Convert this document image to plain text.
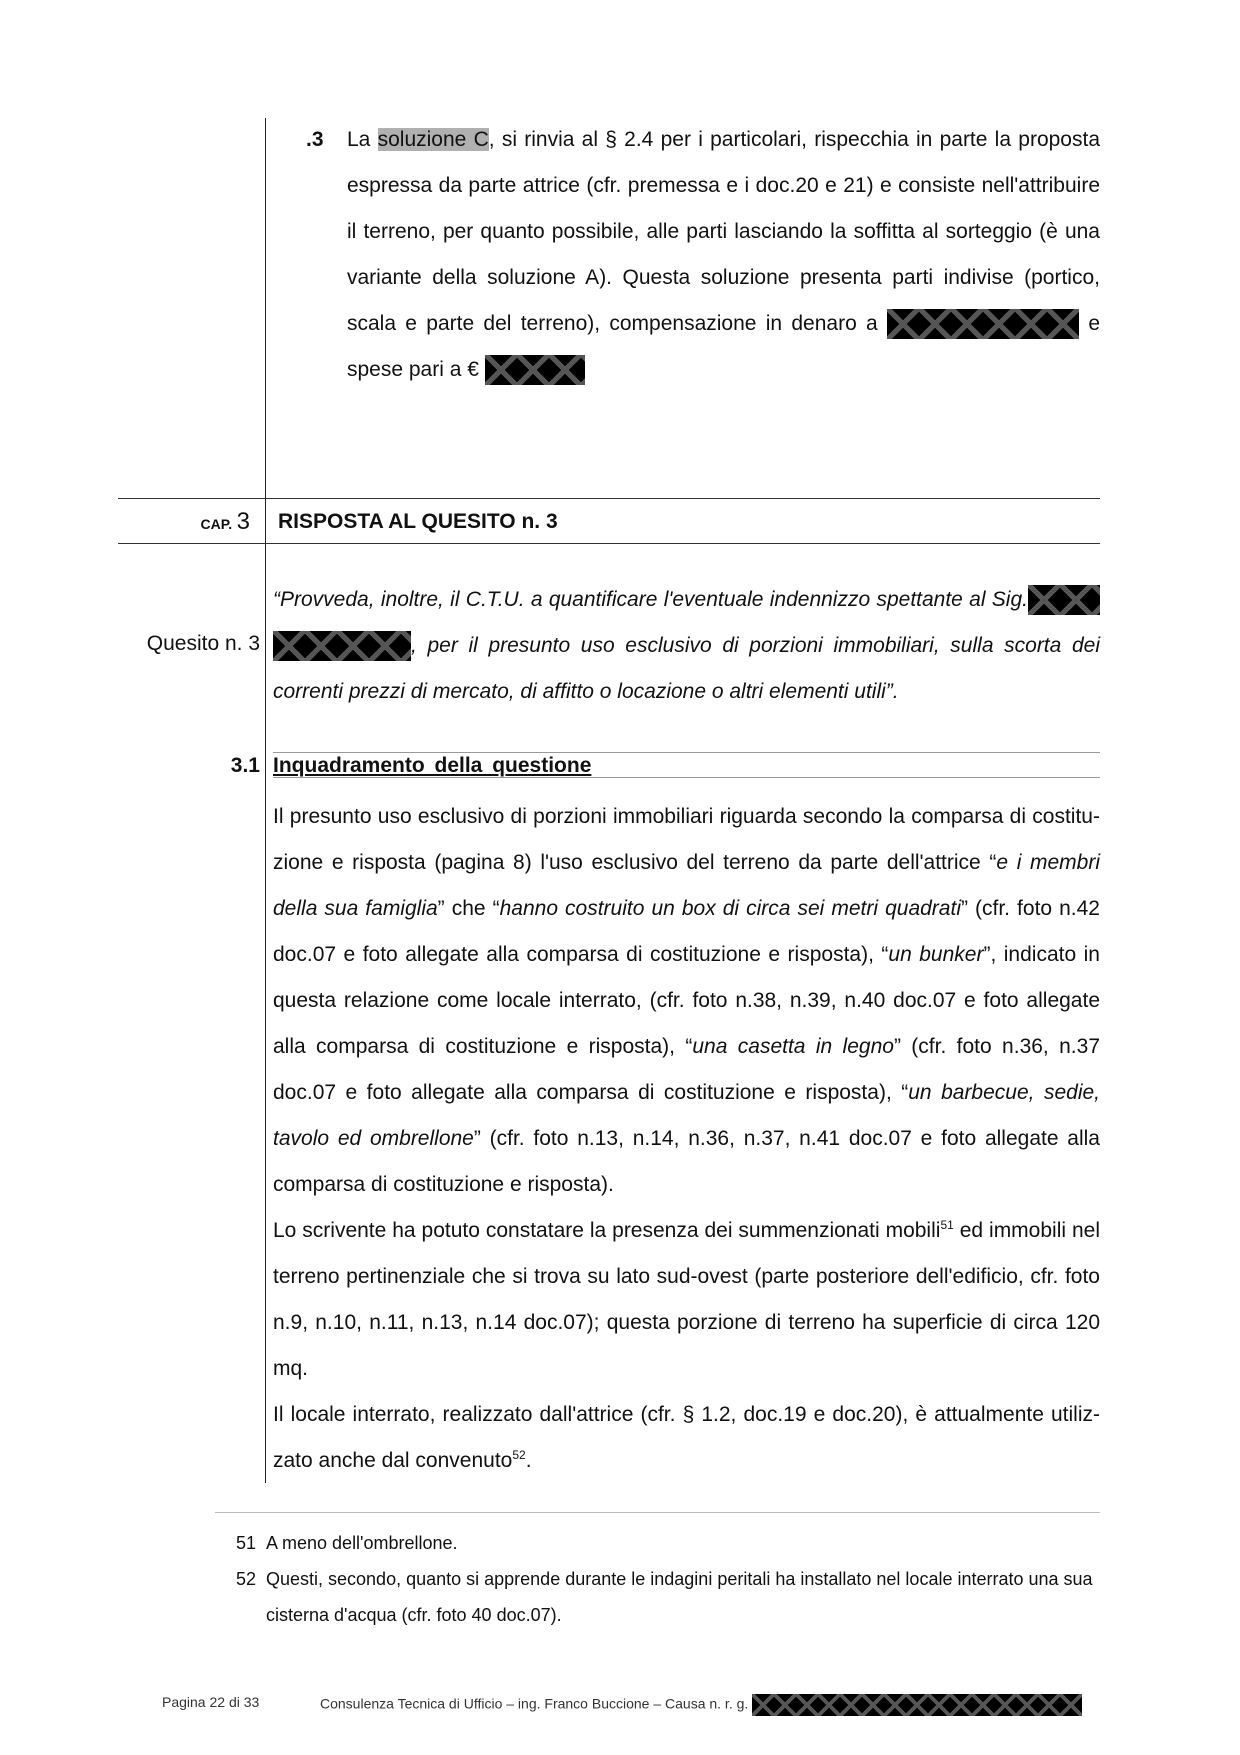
.3 La soluzione C, si rinvia al § 2.4 per i particolari, rispecchia in parte la proposta espressa da parte attrice (cfr. premessa e i doc.20 e 21) e consiste nell'attribuire il terreno, per quanto possibile, alle parti lasciando la soffitta al sorteggio (è una variante della soluzione A). Questa soluzione presenta parti indivise (portico, scala e parte del terreno), compensazione in denaro a	e spese pari a €
CAP. 3 RISPOSTA AL QUESITO n. 3
Quesito n. 3
“Provveda, inoltre, il C.T.U. a quantificare l'eventuale indennizzo spettante al Sig. , per il presunto uso esclusivo di porzioni immobiliari, sulla scorta dei correnti prezzi di mercato, di affitto o locazione o altri elementi utili”.
3.1 Inquadramento della questione
Il presunto uso esclusivo di porzioni immobiliari riguarda secondo la comparsa di costituzione e risposta (pagina 8) l'uso esclusivo del terreno da parte dell'attrice “e i membri della sua famiglia” che “hanno costruito un box di circa sei metri quadrati” (cfr. foto n.42 doc.07 e foto allegate alla comparsa di costituzione e risposta), “un bunker”, indicato in questa relazione come locale interrato, (cfr. foto n.38, n.39, n.40 doc.07 e foto allegate alla comparsa di costituzione e risposta), “una casetta in legno” (cfr. foto n.36, n.37 doc.07 e foto allegate alla comparsa di costituzione e risposta), “un barbecue, sedie, tavolo ed ombrellone” (cfr. foto n.13, n.14, n.36, n.37, n.41 doc.07 e foto allegate alla comparsa di costituzione e risposta).
Lo scrivente ha potuto constatare la presenza dei summenzionati mobili$^{51}$ ed immobili nel terreno pertinenziale che si trova su lato sud-ovest (parte posteriore dell'edificio, cfr. foto n.9, n.10, n.11, n.13, n.14 doc.07); questa porzione di terreno ha superficie di circa 120 mq.
Il locale interrato, realizzato dall'attrice (cfr. § 1.2, doc.19 e doc.20), è attualmente utilizzato anche dal convenuto$^{52}$.
51 A meno dell'ombrellone.
52 Questi, secondo, quanto si apprende durante le indagini peritali ha installato nel locale interrato una sua cisterna d'acqua (cfr. foto 40 doc.07).
Pagina 22 di 33	Consulenza Tecnica di Ufficio – ing. Franco Buccione – Causa n. r. g.
